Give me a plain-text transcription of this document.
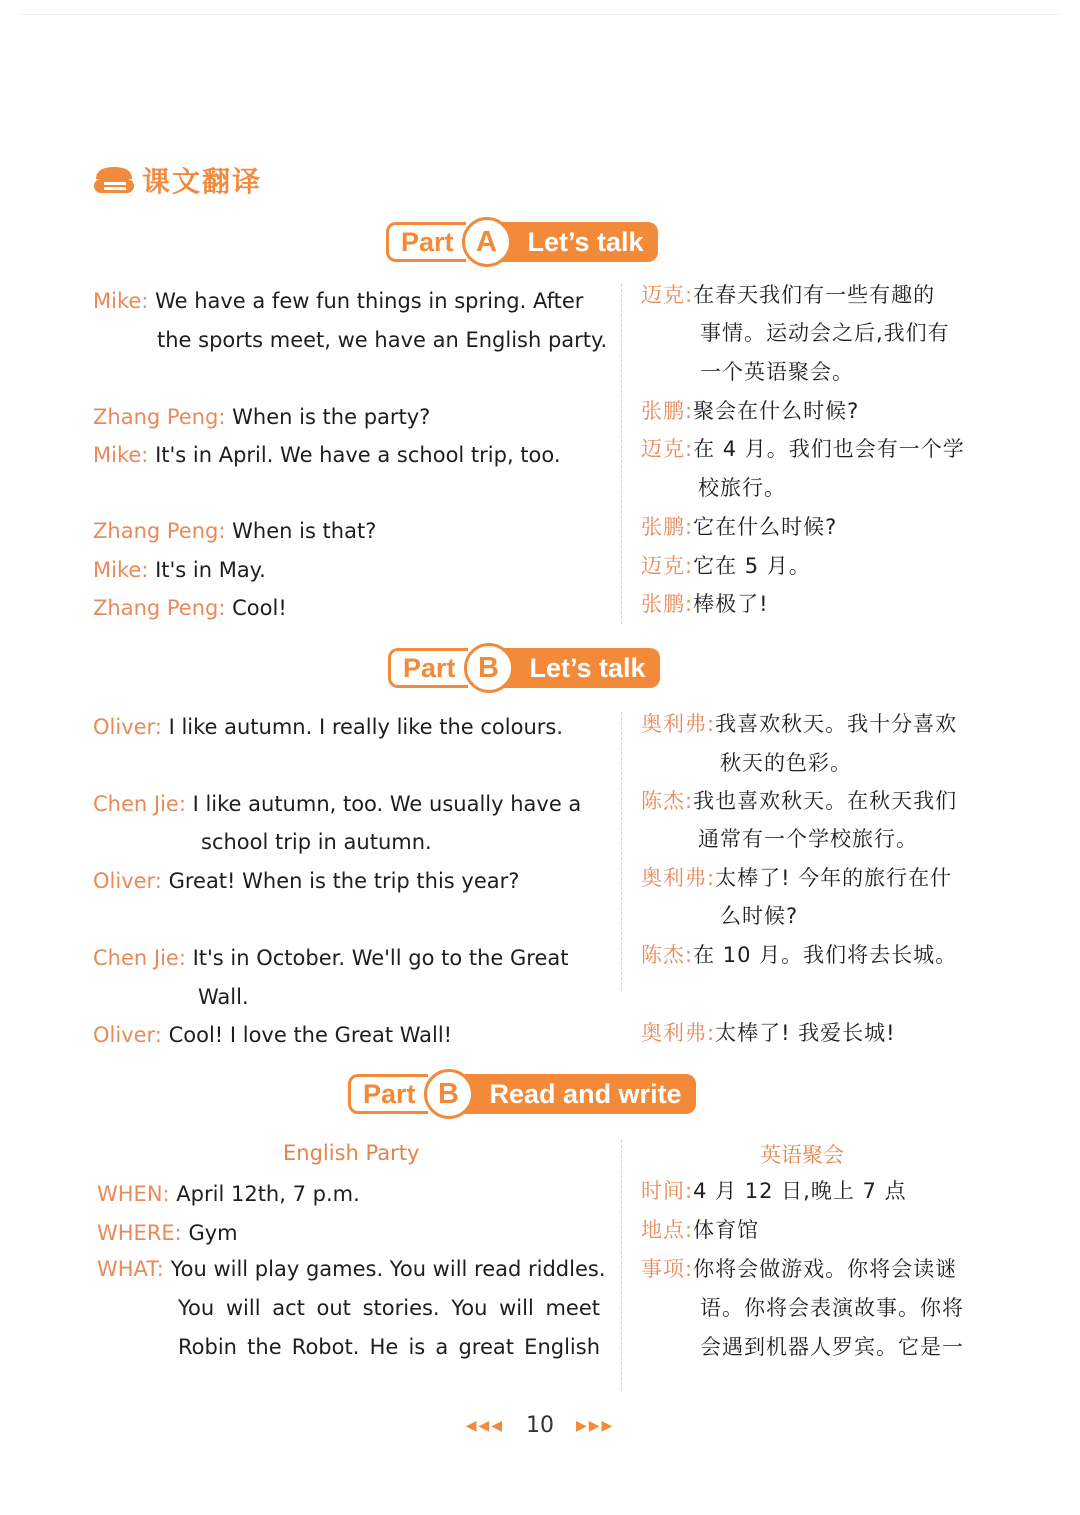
课文翻译
Part A	Let’s talk
Mike: We have a few fun things in spring. After
the sports meet, we have an English party.
Zhang Peng: When is the party?
Mike: It's in April. We have a school trip, too.
Zhang Peng: When is that?
Mike: It's in May.
Zhang Peng: Cool!
迈克:在春天我们有一些有趣的
事情。运动会之后,我们有
一个英语聚会。
张鹏:聚会在什么时候?
迈克:在 4 月。我们也会有一个学
校旅行。
张鹏:它在什么时候?
迈克:它在 5 月。
张鹏:棒极了!
Part B	Let’s talk
Oliver: I like autumn. I really like the colours.
Chen Jie: I like autumn, too. We usually have a
school trip in autumn.
Oliver: Great! When is the trip this year?
Chen Jie: It's in October. We'll go to the Great
Wall.
Oliver: Cool! I love the Great Wall!
奥利弗:我喜欢秋天。我十分喜欢
秋天的色彩。
陈杰:我也喜欢秋天。在秋天我们
通常有一个学校旅行。
奥利弗:太棒了! 今年的旅行在什
么时候?
陈杰:在 10 月。我们将去长城。
奥利弗:太棒了! 我爱长城!
Part B	Read and write
English Party	英语聚会
WHEN: April 12th, 7 p.m.
WHERE: Gym
WHAT: You will play games. You will read riddles.
You will act out stories. You will meet
Robin the Robot. He is a great English
时间:4 月 12 日,晚上 7 点
地点:体育馆
事项:你将会做游戏。你将会读谜
语。你将会表演故事。你将
会遇到机器人罗宾。它是一
◀◀◀ 10 ▶▶▶
